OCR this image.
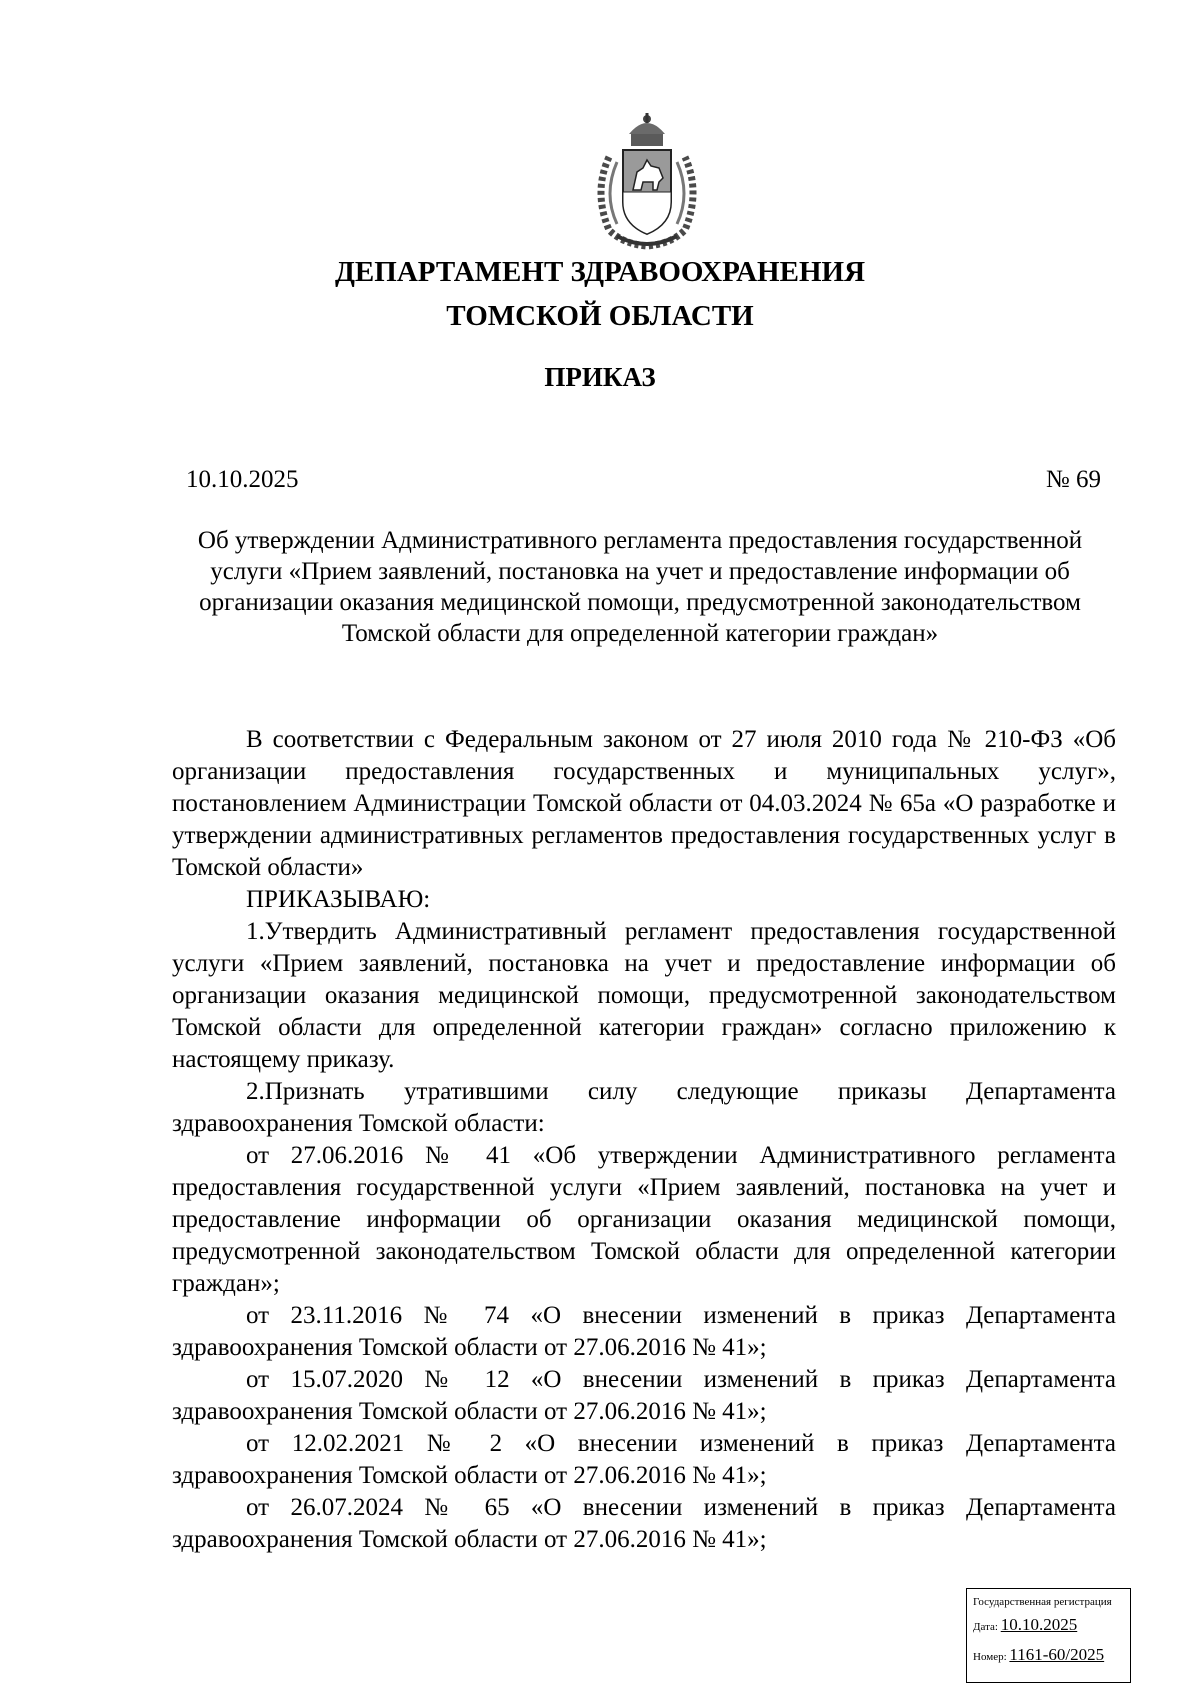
ДЕПАРТАМЕНТ ЗДРАВООХРАНЕНИЯ
ТОМСКОЙ ОБЛАСТИ
ПРИКАЗ
10.10.2025	№ 69
Об утверждении Административного регламента предоставления государственной услуги «Прием заявлений, постановка на учет и предоставление информации об организации оказания медицинской помощи, предусмотренной законодательством Томской области для определенной категории граждан»

В соответствии с Федеральным законом от 27 июля 2010 года № 210-ФЗ «Об организации предоставления государственных и муниципальных услуг», постановлением Администрации Томской области от 04.03.2024 № 65а «О разработке и утверждении административных регламентов предоставления государственных услуг в Томской области»

ПРИКАЗЫВАЮ:

1.Утвердить Административный регламент предоставления государственной услуги «Прием заявлений, постановка на учет и предоставление информации об организации оказания медицинской помощи, предусмотренной законодательством Томской области для определенной категории граждан» согласно приложению к настоящему приказу.

2.Признать утратившими силу следующие приказы Департамента здравоохранения Томской области:

от 27.06.2016 № 41 «Об утверждении Административного регламента предоставления государственной услуги «Прием заявлений, постановка на учет и предоставление информации об организации оказания медицинской помощи, предусмотренной законодательством Томской области для определенной категории граждан»;

от 23.11.2016 № 74 «О внесении изменений в приказ Департамента здравоохранения Томской области от 27.06.2016 № 41»;

от 15.07.2020 № 12 «О внесении изменений в приказ Департамента здравоохранения Томской области от 27.06.2016 № 41»;

от 12.02.2021 № 2 «О внесении изменений в приказ Департамента здравоохранения Томской области от 27.06.2016 № 41»;

от 26.07.2024 № 65 «О внесении изменений в приказ Департамента здравоохранения Томской области от 27.06.2016 № 41»;

Государственная регистрация
Дата: 10.10.2025
Номер: 1161-60/2025
